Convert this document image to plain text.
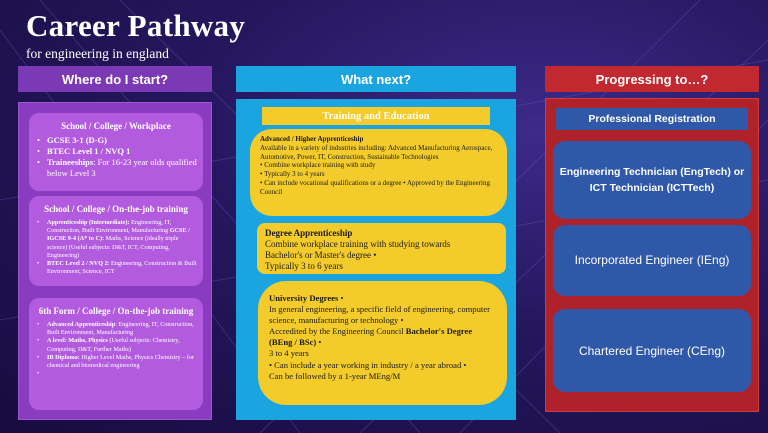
Career Pathway
for engineering in england
Where do I start?	What next?	Progressing to…?
School / College / Workplace
• GCSE 3-1 (D-G)
• BTEC Level 1 / NVQ 1
• Traineeships: For 16-23 year olds qualified below Level 3
School / College / On-the-job training
• Apprenticeship (Intermediate): Engineering, IT, Construction, Built Environment, Manufacturing GCSE / IGCSE 9-4 (A* to C): Maths, Science (ideally triple science) (Useful subjects: D&T, ICT, Computing, Engineering)
• BTEC Level 2 / NVQ 2: Engineering, Construction & Built Environment, Science, ICT
6th Form / College / On-the-job training
• Advanced Apprenticeship: Engineering, IT, Construction, Built Environment, Manufacturing
• A level: Maths, Physics (Useful subjects: Chemistry, Computing, D&T, Further Maths)
• IB Diploma: Higher Level Maths, Physics Chemistry – for chemical and biomedical engineering
Training and Education
Advanced / Higher Apprenticeship
Available in a variety of industries including: Advanced Manufacturing Aerospace, Automotive, Power, IT, Construction, Sustainable Technologies
• Combine workplace training with study
• Typically 3 to 4 years
• Can include vocational qualifications or a degree • Approved by the Engineering Council
Degree Apprenticeship
Combine workplace training with studying towards
Bachelor's or Master's degree •
Typically 3 to 6 years
University Degrees •
In general engineering, a specific field of engineering, computer science, manufacturing or technology •
Accredited by the Engineering Council Bachelor's Degree (BEng / BSc) •
3 to 4 years
• Can include a year working in industry / a year abroad •
Can be followed by a 1-year MEng/M
Professional Registration
Engineering Technician (EngTech) or ICT Technician (ICTTech)
Incorporated Engineer (IEng)
Chartered Engineer (CEng)
